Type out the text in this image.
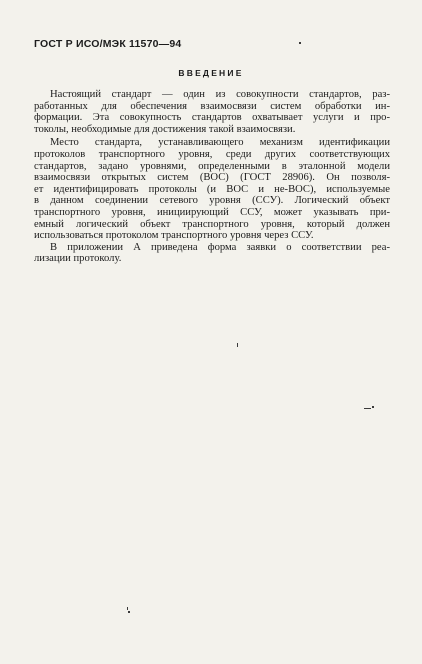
ГОСТ Р ИСО/МЭК 11570—94
ВВЕДЕНИЕ
Настоящий стандарт — один из совокупности стандартов, раз-
работанных для обеспечения взаимосвязи систем обработки ин-
формации. Эта совокупность стандартов охватывает услуги и про-
токолы, необходимые для достижения такой взаимосвязи.
Место стандарта, устанавливающего механизм идентификации
протоколов транспортного уровня, среди других соответствующих
стандартов, задано уровнями, определенными в эталонной модели
взаимосвязи открытых систем (ВОС) (ГОСТ 28906). Он позволя-
ет идентифицировать протоколы (и ВОС и не-ВОС), используемые
в данном соединении сетевого уровня (ССУ). Логический объект
транспортного уровня, инициирующий ССУ, может указывать при-
емный логический объект транспортного уровня, который должен
использоваться протоколом транспортного уровня через ССУ.
В приложении А приведена форма заявки о соответствии реа-
лизации протоколу.
